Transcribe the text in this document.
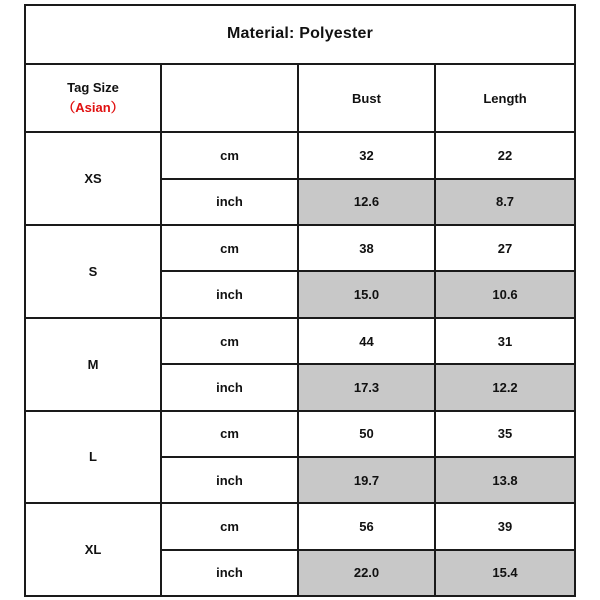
Material: Polyester			

Tag Size
（Asian）		Bust	Length
XS	cm	32	22
	inch	12.6	8.7
S	cm	38	27
	inch	15.0	10.6
M	cm	44	31
	inch	17.3	12.2
L	cm	50	35
	inch	19.7	13.8
XL	cm	56	39
	inch	22.0	15.4
